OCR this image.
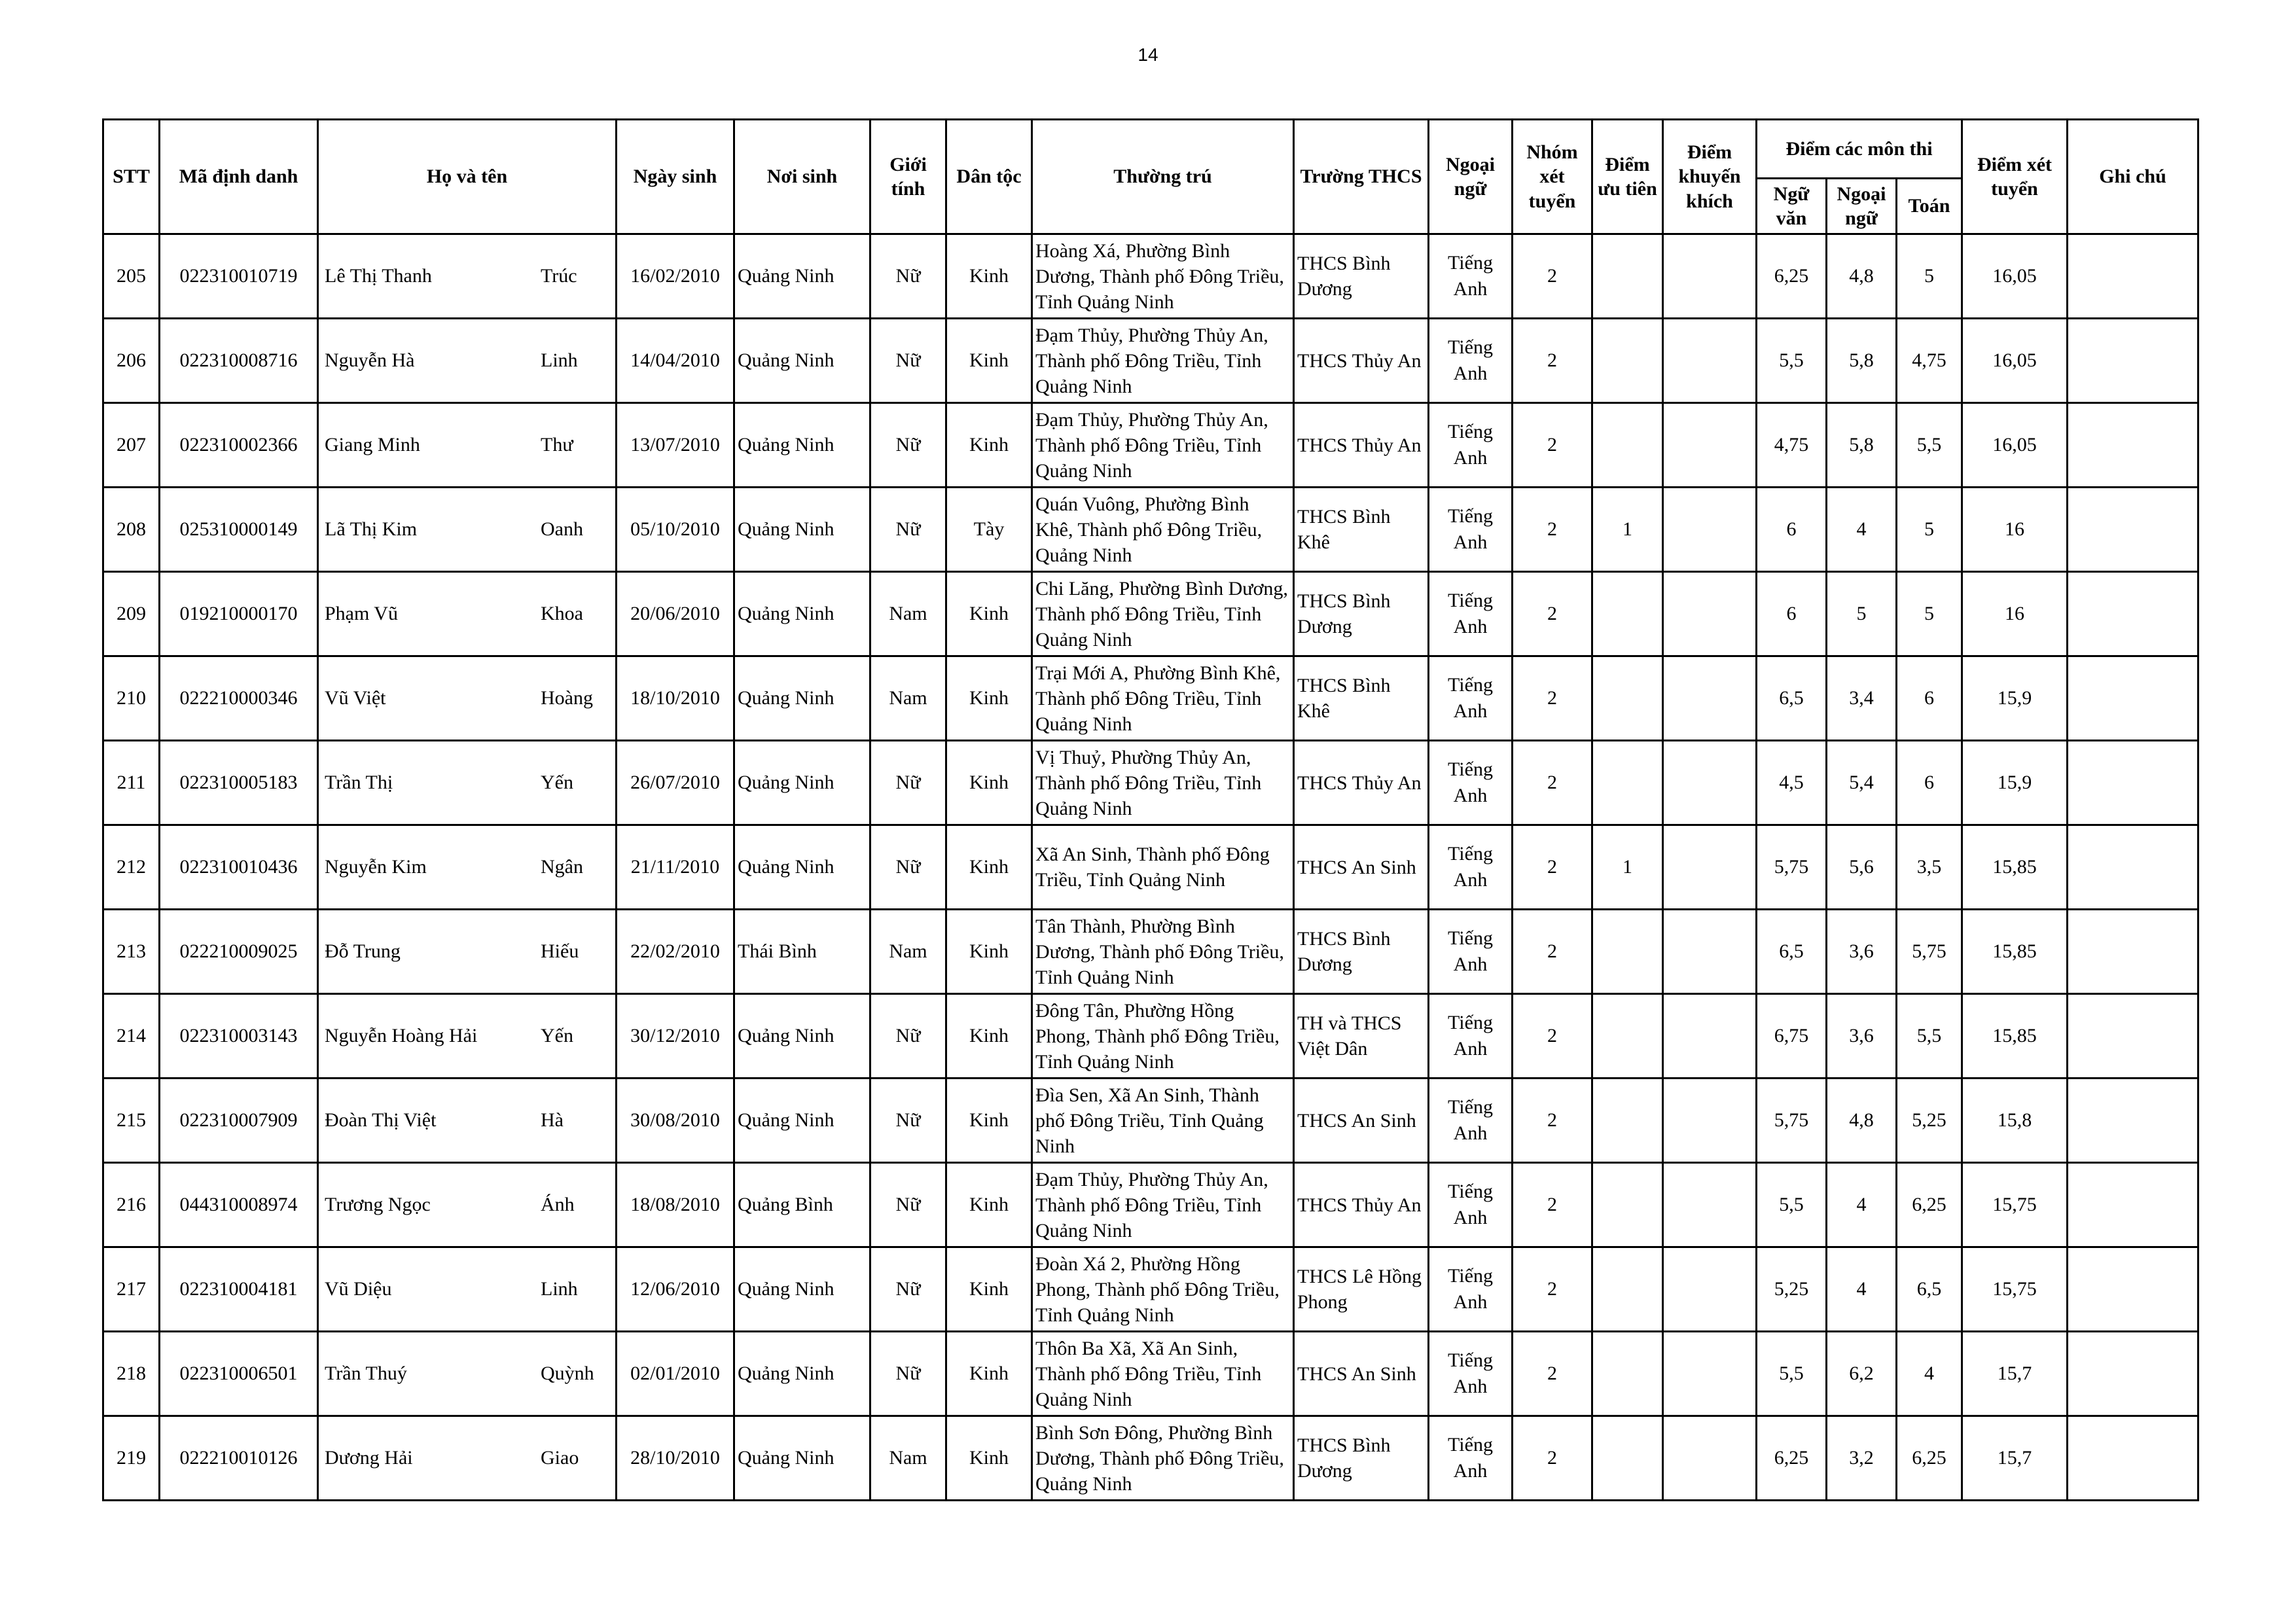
14
STT	Mã định danh	Họ và tên	Ngày sinh	Nơi sinh	Giới tính	Dân tộc	Thường trú	Trường THCS	Ngoại ngữ	Nhóm xét tuyển	Điểm ưu tiên	Điểm khuyến khích	Điểm các môn thi			Điểm xét tuyển	Ghi chú
													Ngữ văn	Ngoại ngữ	Toán		
205	022310010719	Lê Thị Thanh Trúc	16/02/2010	Quảng Ninh	Nữ	Kinh	Hoàng Xá, Phường Bình Dương, Thành phố Đông Triều, Tỉnh Quảng Ninh	THCS Bình Dương	Tiếng Anh	2			6,25	4,8	5	16,05	
206	022310008716	Nguyễn Hà Linh	14/04/2010	Quảng Ninh	Nữ	Kinh	Đạm Thủy, Phường Thủy An, Thành phố Đông Triều, Tỉnh Quảng Ninh	THCS Thủy An	Tiếng Anh	2			5,5	5,8	4,75	16,05	
207	022310002366	Giang Minh Thư	13/07/2010	Quảng Ninh	Nữ	Kinh	Đạm Thủy, Phường Thủy An, Thành phố Đông Triều, Tỉnh Quảng Ninh	THCS Thủy An	Tiếng Anh	2			4,75	5,8	5,5	16,05	
208	025310000149	Lã Thị Kim Oanh	05/10/2010	Quảng Ninh	Nữ	Tày	Quán Vuông, Phường Bình Khê, Thành phố Đông Triều, Quảng Ninh	THCS Bình Khê	Tiếng Anh	2	1		6	4	5	16	
209	019210000170	Phạm Vũ Khoa	20/06/2010	Quảng Ninh	Nam	Kinh	Chi Lăng, Phường Bình Dương, Thành phố Đông Triều, Tỉnh Quảng Ninh	THCS Bình Dương	Tiếng Anh	2			6	5	5	16	
210	022210000346	Vũ Việt Hoàng	18/10/2010	Quảng Ninh	Nam	Kinh	Trại Mới A, Phường Bình Khê, Thành phố Đông Triều, Tỉnh Quảng Ninh	THCS Bình Khê	Tiếng Anh	2			6,5	3,4	6	15,9	
211	022310005183	Trần Thị Yến	26/07/2010	Quảng Ninh	Nữ	Kinh	Vị Thuỷ, Phường Thủy An, Thành phố Đông Triều, Tỉnh Quảng Ninh	THCS Thủy An	Tiếng Anh	2			4,5	5,4	6	15,9	
212	022310010436	Nguyễn Kim Ngân	21/11/2010	Quảng Ninh	Nữ	Kinh	Xã An Sinh, Thành phố Đông Triều, Tỉnh Quảng Ninh	THCS An Sinh	Tiếng Anh	2	1		5,75	5,6	3,5	15,85	
213	022210009025	Đỗ Trung Hiếu	22/02/2010	Thái Bình	Nam	Kinh	Tân Thành, Phường Bình Dương, Thành phố Đông Triều, Tỉnh Quảng Ninh	THCS Bình Dương	Tiếng Anh	2			6,5	3,6	5,75	15,85	
214	022310003143	Nguyễn Hoàng Hải Yến	30/12/2010	Quảng Ninh	Nữ	Kinh	Đông Tân, Phường Hồng Phong, Thành phố Đông Triều, Tỉnh Quảng Ninh	TH và THCS Việt Dân	Tiếng Anh	2			6,75	3,6	5,5	15,85	
215	022310007909	Đoàn Thị Việt Hà	30/08/2010	Quảng Ninh	Nữ	Kinh	Đìa Sen, Xã An Sinh, Thành phố Đông Triều, Tỉnh Quảng Ninh	THCS An Sinh	Tiếng Anh	2			5,75	4,8	5,25	15,8	
216	044310008974	Trương Ngọc Ánh	18/08/2010	Quảng Bình	Nữ	Kinh	Đạm Thủy, Phường Thủy An, Thành phố Đông Triều, Tỉnh Quảng Ninh	THCS Thủy An	Tiếng Anh	2			5,5	4	6,25	15,75	
217	022310004181	Vũ Diệu Linh	12/06/2010	Quảng Ninh	Nữ	Kinh	Đoàn Xá 2, Phường Hồng Phong, Thành phố Đông Triều, Tỉnh Quảng Ninh	THCS Lê Hồng Phong	Tiếng Anh	2			5,25	4	6,5	15,75	
218	022310006501	Trần Thuý Quỳnh	02/01/2010	Quảng Ninh	Nữ	Kinh	Thôn Ba Xã, Xã An Sinh, Thành phố Đông Triều, Tỉnh Quảng Ninh	THCS An Sinh	Tiếng Anh	2			5,5	6,2	4	15,7	
219	022210010126	Dương Hải Giao	28/10/2010	Quảng Ninh	Nam	Kinh	Bình Sơn Đông, Phường Bình Dương, Thành phố Đông Triều, Quảng Ninh	THCS Bình Dương	Tiếng Anh	2			6,25	3,2	6,25	15,7	
